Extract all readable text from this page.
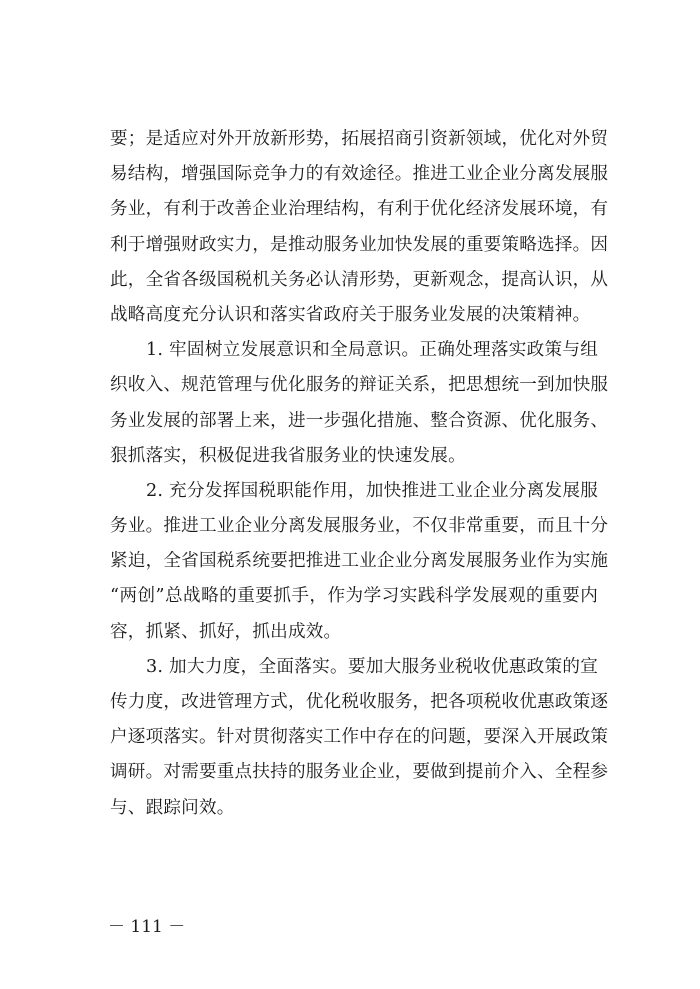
要；是适应对外开放新形势，拓展招商引资新领域，优化对外贸
易结构，增强国际竞争力的有效途径。推进工业企业分离发展服
务业，有利于改善企业治理结构，有利于优化经济发展环境，有
利于增强财政实力，是推动服务业加快发展的重要策略选择。因
此，全省各级国税机关务必认清形势，更新观念，提高认识，从
战略高度充分认识和落实省政府关于服务业发展的决策精神。
1. 牢固树立发展意识和全局意识。正确处理落实政策与组
织收入、规范管理与优化服务的辩证关系，把思想统一到加快服
务业发展的部署上来，进一步强化措施、整合资源、优化服务、
狠抓落实，积极促进我省服务业的快速发展。
2. 充分发挥国税职能作用，加快推进工业企业分离发展服
务业。推进工业企业分离发展服务业，不仅非常重要，而且十分
紧迫，全省国税系统要把推进工业企业分离发展服务业作为实施
“两创”总战略的重要抓手，作为学习实践科学发展观的重要内
容，抓紧、抓好，抓出成效。
3. 加大力度，全面落实。要加大服务业税收优惠政策的宣
传力度，改进管理方式，优化税收服务，把各项税收优惠政策逐
户逐项落实。针对贯彻落实工作中存在的问题，要深入开展政策
调研。对需要重点扶持的服务业企业，要做到提前介入、全程参
与、跟踪问效。
－ 111 －
